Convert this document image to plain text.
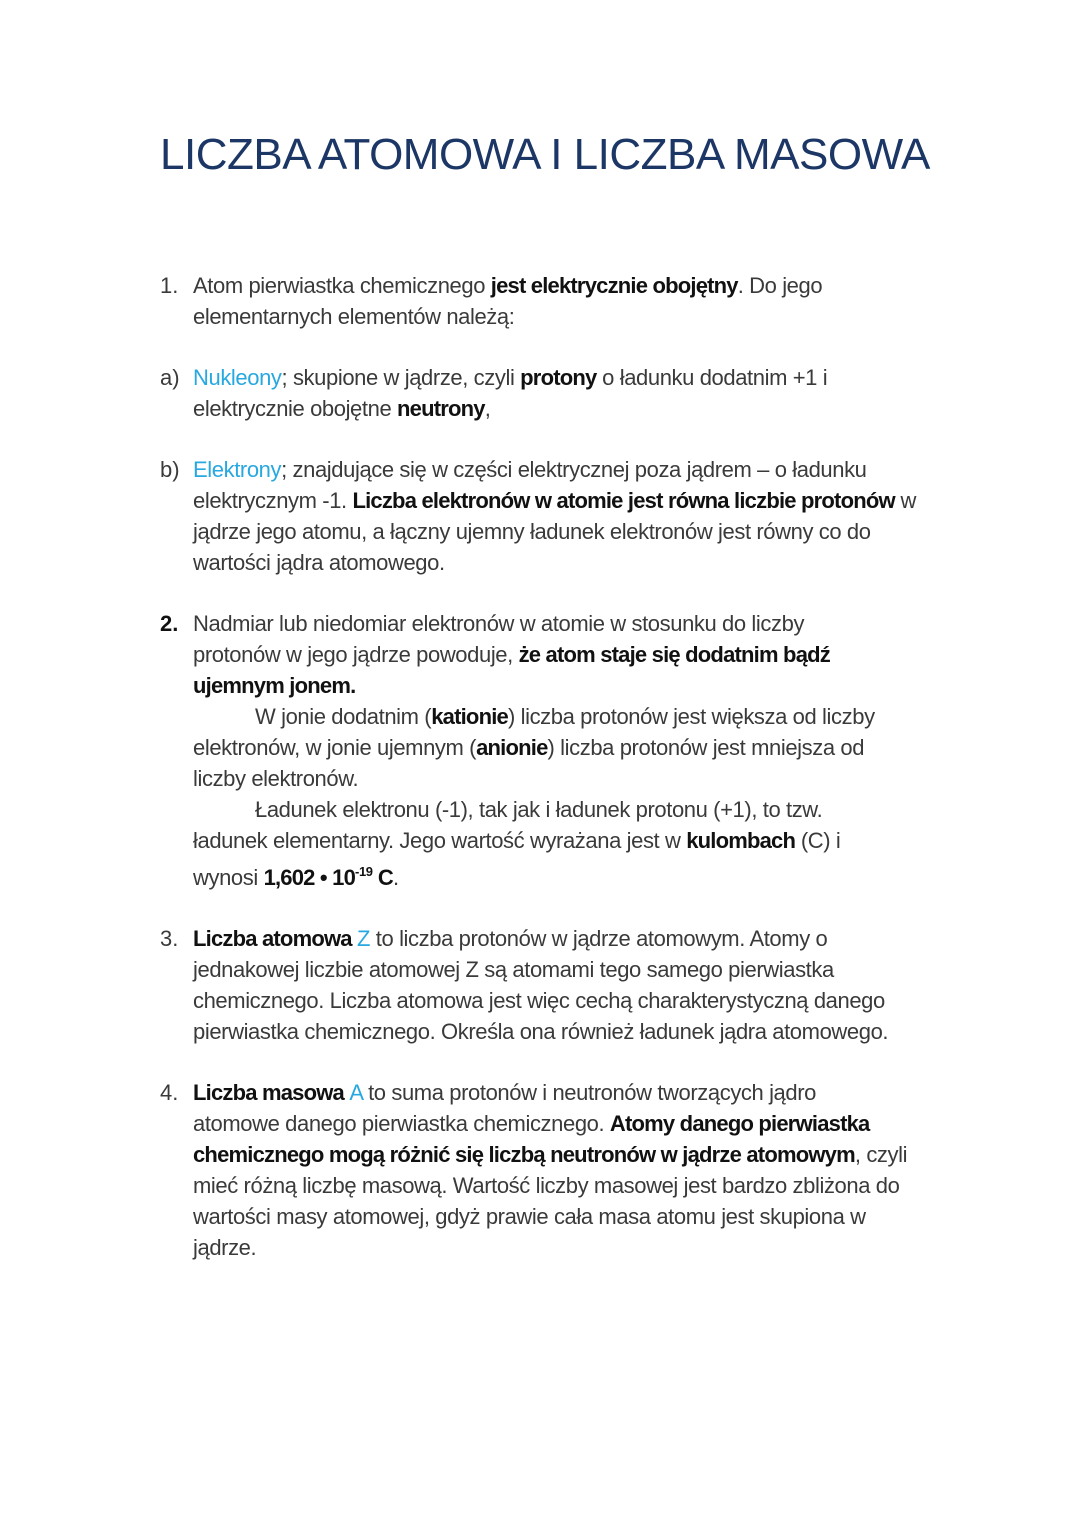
LICZBA ATOMOWA I LICZBA MASOWA
1. Atom pierwiastka chemicznego jest elektrycznie obojętny. Do jego
elementarnych elementów należą:
a) Nukleony; skupione w jądrze, czyli protony o ładunku dodatnim +1 i
elektrycznie obojętne neutrony,
b) Elektrony; znajdujące się w części elektrycznej poza jądrem – o ładunku
elektrycznym -1. Liczba elektronów w atomie jest równa liczbie protonów w
jądrze jego atomu, a łączny ujemny ładunek elektronów jest równy co do
wartości jądra atomowego.
2. Nadmiar lub niedomiar elektronów w atomie w stosunku do liczby
protonów w jego jądrze powoduje, że atom staje się dodatnim bądź
ujemnym jonem.
W jonie dodatnim (kationie) liczba protonów jest większa od liczby
elektronów, w jonie ujemnym (anionie) liczba protonów jest mniejsza od
liczby elektronów.
Ładunek elektronu (-1), tak jak i ładunek protonu (+1), to tzw.
ładunek elementarny. Jego wartość wyrażana jest w kulombach (C) i
wynosi 1,602 • $10^{-19}$ C.
3. Liczba atomowa Z to liczba protonów w jądrze atomowym. Atomy o
jednakowej liczbie atomowej Z są atomami tego samego pierwiastka
chemicznego. Liczba atomowa jest więc cechą charakterystyczną danego
pierwiastka chemicznego. Określa ona również ładunek jądra atomowego.
4. Liczba masowa A to suma protonów i neutronów tworzących jądro
atomowe danego pierwiastka chemicznego. Atomy danego pierwiastka
chemicznego mogą różnić się liczbą neutronów w jądrze atomowym, czyli
mieć różną liczbę masową. Wartość liczby masowej jest bardzo zbliżona do
wartości masy atomowej, gdyż prawie cała masa atomu jest skupiona w
jądrze.
